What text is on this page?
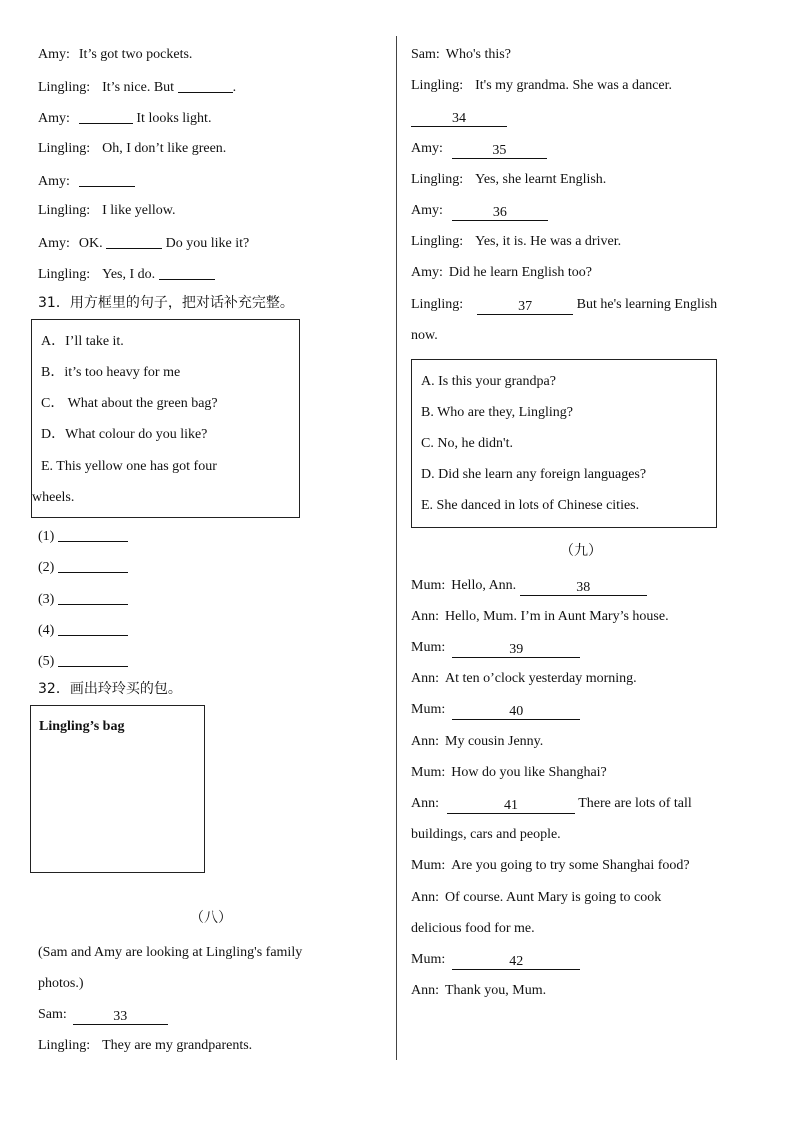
Amy: It’s got two pockets.
Lingling: It’s nice. But	.
Amy:	It looks light.
Lingling: Oh, I don’t like green.
Amy:
Lingling: I like yellow.
Amy: OK.	Do you like it?
Lingling: Yes, I do.
31．用方框里的句子，把对话补充完整。
A．I’ll take it.
B．it’s too heavy for me
C． What about the green bag?
D．What colour do you like?
E. This yellow one has got four
wheels.
(1)
(2)
(3)
(4)
(5)
32．画出玲玲买的包。
Lingling’s bag
（八）
(Sam and Amy are looking at Lingling's family
photos.)
Sam:	33
Lingling: They are my grandparents.
Sam: Who's this?
Lingling: It's my grandma. She was a dancer.
34
Amy:	35
Lingling: Yes, she learnt English.
Amy:	36
Lingling: Yes, it is. He was a driver.
Amy: Did he learn English too?
Lingling:	37	But he's learning English
now.
A. Is this your grandpa?
B. Who are they, Lingling?
C. No, he didn't.
D. Did she learn any foreign languages?
E. She danced in lots of Chinese cities.
（九）
Mum: Hello, Ann.	38
Ann: Hello, Mum. I’m in Aunt Mary’s house.
Mum:	39
Ann: At ten o’clock yesterday morning.
Mum:	40
Ann: My cousin Jenny.
Mum: How do you like Shanghai?
Ann:	41	There are lots of tall
buildings, cars and people.
Mum: Are you going to try some Shanghai food?
Ann: Of course. Aunt Mary is going to cook
delicious food for me.
Mum:	42
Ann: Thank you, Mum.
